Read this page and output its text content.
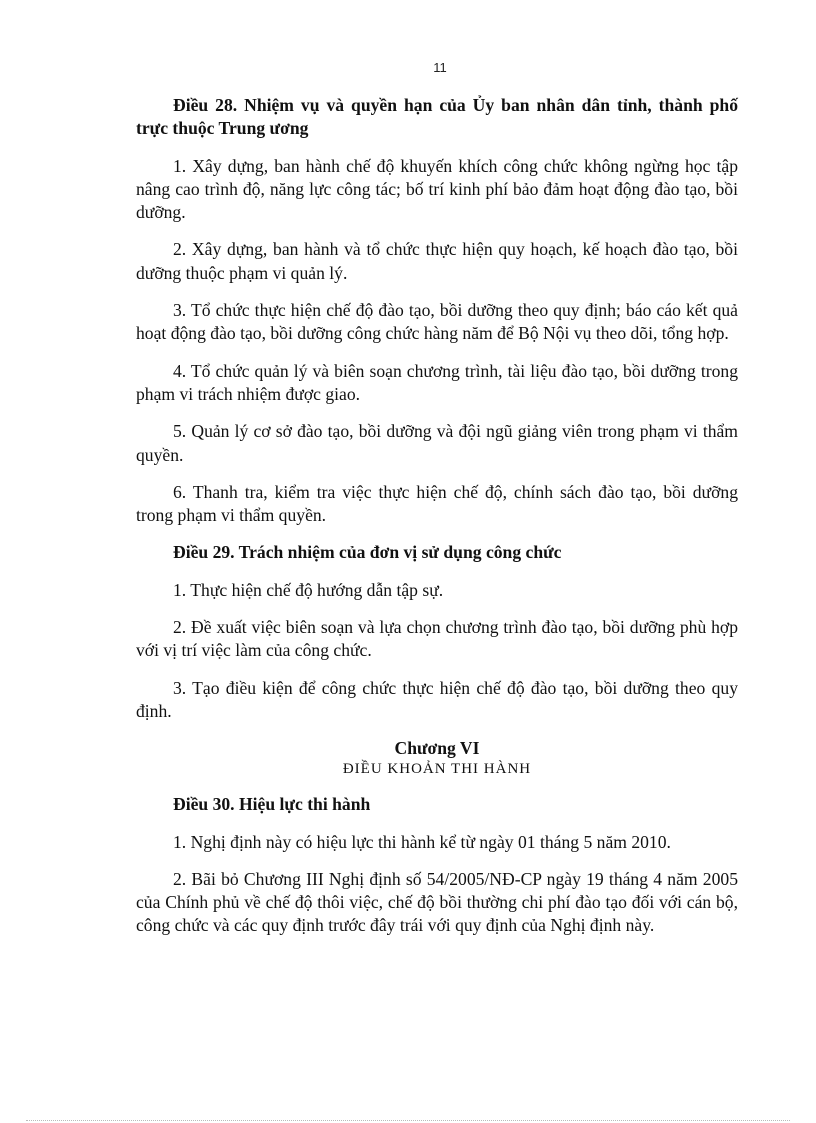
11

Điều 28. Nhiệm vụ và quyền hạn của Ủy ban nhân dân tỉnh, thành phố trực thuộc Trung ương

1. Xây dựng, ban hành chế độ khuyến khích công chức không ngừng học tập nâng cao trình độ, năng lực công tác; bố trí kinh phí bảo đảm hoạt động đào tạo, bồi dưỡng.

2. Xây dựng, ban hành và tổ chức thực hiện quy hoạch, kế hoạch đào tạo, bồi dưỡng thuộc phạm vi quản lý.

3. Tổ chức thực hiện chế độ đào tạo, bồi dưỡng theo quy định; báo cáo kết quả hoạt động đào tạo, bồi dưỡng công chức hàng năm để Bộ Nội vụ theo dõi, tổng hợp.

4. Tổ chức quản lý và biên soạn chương trình, tài liệu đào tạo, bồi dưỡng trong phạm vi trách nhiệm được giao.

5. Quản lý cơ sở đào tạo, bồi dưỡng và đội ngũ giảng viên trong phạm vi thẩm quyền.

6. Thanh tra, kiểm tra việc thực hiện chế độ, chính sách đào tạo, bồi dưỡng trong phạm vi thẩm quyền.

Điều 29. Trách nhiệm của đơn vị sử dụng công chức

1. Thực hiện chế độ hướng dẫn tập sự.

2. Đề xuất việc biên soạn và lựa chọn chương trình đào tạo, bồi dưỡng phù hợp với vị trí việc làm của công chức.

3. Tạo điều kiện để công chức thực hiện chế độ đào tạo, bồi dưỡng theo quy định.

Chương VI
ĐIỀU KHOẢN THI HÀNH

Điều 30. Hiệu lực thi hành

1. Nghị định này có hiệu lực thi hành kể từ ngày 01 tháng 5 năm 2010.

2. Bãi bỏ Chương III Nghị định số 54/2005/NĐ-CP ngày 19 tháng 4 năm 2005 của Chính phủ về chế độ thôi việc, chế độ bồi thường chi phí đào tạo đối với cán bộ, công chức và các quy định trước đây trái với quy định của Nghị định này.
